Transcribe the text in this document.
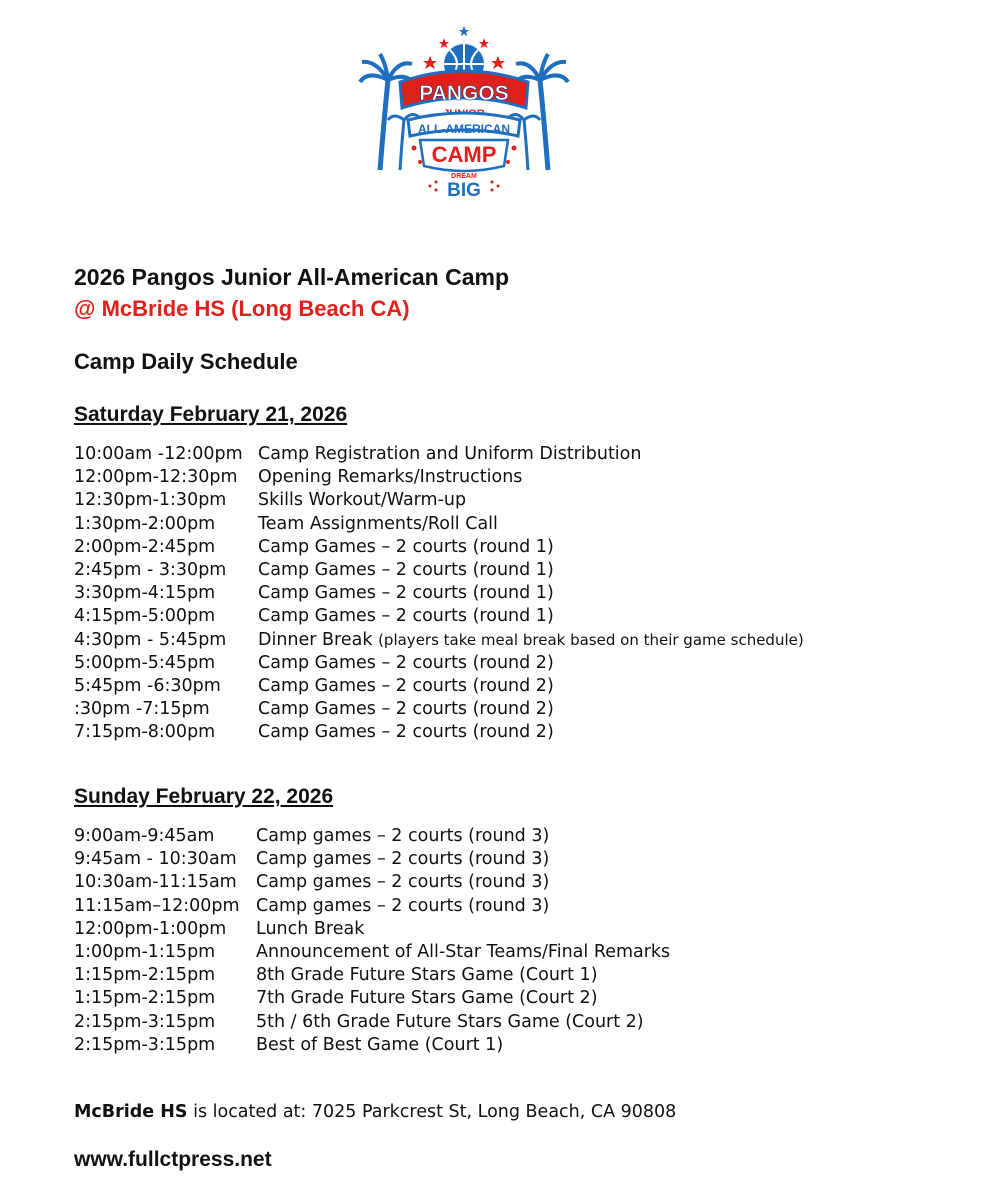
PANGOS
ALL-AMERICAN
CAMP
DREAM
BIG
2026 Pangos Junior All-American Camp
@ McBride HS (Long Beach CA)
Camp Daily Schedule
Saturday February 21, 2026
10:00am -12:00pm Camp Registration and Uniform Distribution
12:00pm-12:30pm Opening Remarks/Instructions
12:30pm-1:30pm Skills Workout/Warm-up
1:30pm-2:00pm Team Assignments/Roll Call
2:00pm-2:45pm Camp Games – 2 courts (round 1)
2:45pm - 3:30pm Camp Games – 2 courts (round 1)
3:30pm-4:15pm Camp Games – 2 courts (round 1)
4:15pm-5:00pm Camp Games – 2 courts (round 1)
4:30pm - 5:45pm Dinner Break (players take meal break based on their game schedule)
5:00pm-5:45pm Camp Games – 2 courts (round 2)
5:45pm -6:30pm Camp Games – 2 courts (round 2)
:30pm -7:15pm	Camp Games – 2 courts (round 2)
7:15pm-8:00pm Camp Games – 2 courts (round 2)
Sunday February 22, 2026
9:00am-9:45am Camp games – 2 courts (round 3)
9:45am - 10:30am Camp games – 2 courts (round 3)
10:30am-11:15am Camp games – 2 courts (round 3)
11:15am–12:00pm Camp games – 2 courts (round 3)
12:00pm-1:00pm Lunch Break
1:00pm-1:15pm Announcement of All-Star Teams/Final Remarks
1:15pm-2:15pm 8th Grade Future Stars Game (Court 1)
1:15pm-2:15pm 7th Grade Future Stars Game (Court 2)
2:15pm-3:15pm 5th / 6th Grade Future Stars Game (Court 2)
2:15pm-3:15pm Best of Best Game (Court 1)
McBride HS is located at: 7025 Parkcrest St, Long Beach, CA 90808
www.fullctpress.net
